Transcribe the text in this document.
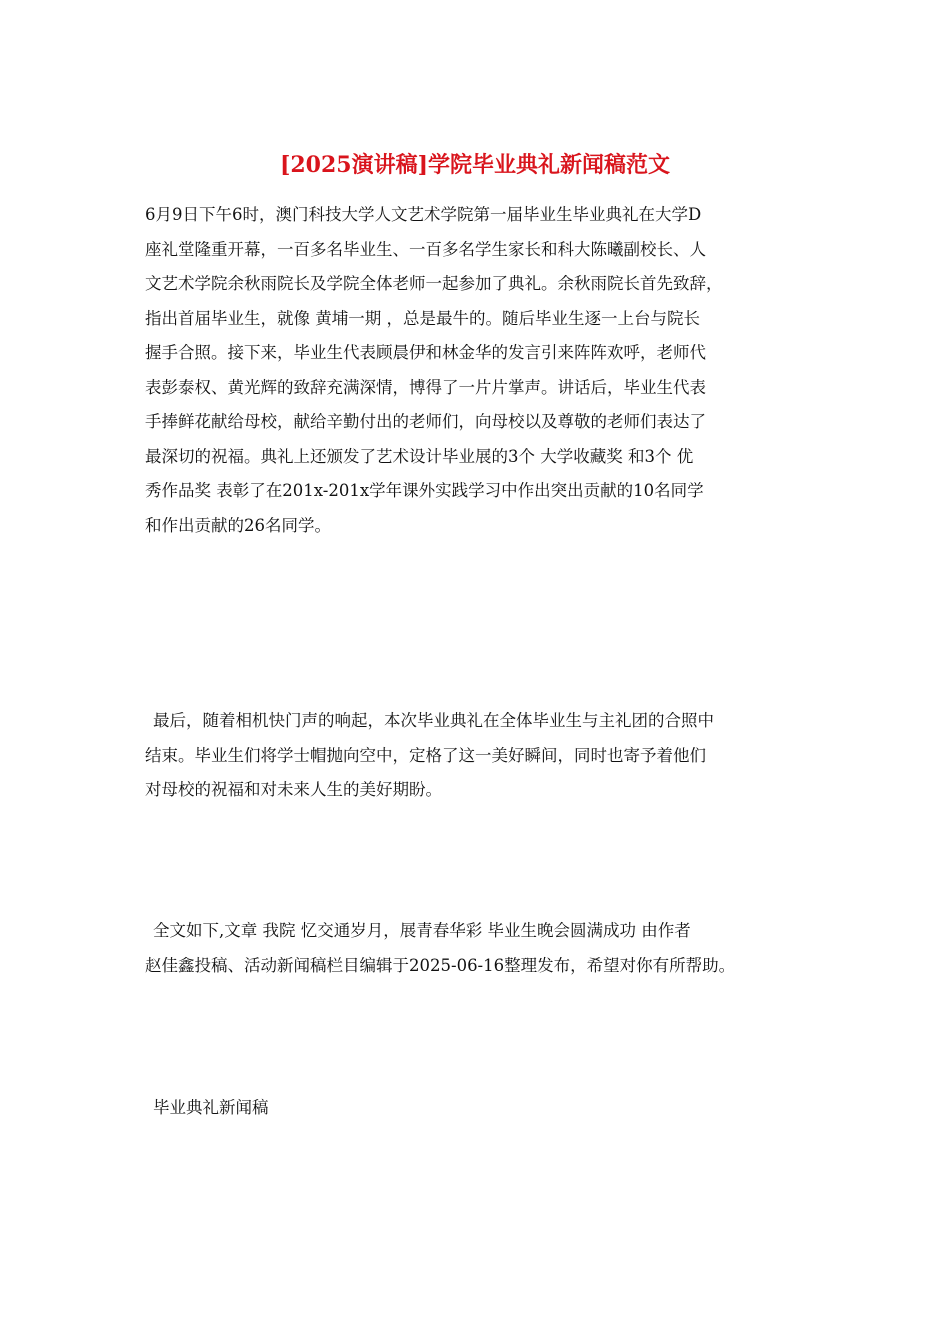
[2025演讲稿]学院毕业典礼新闻稿范文
6月9日下午6时，澳门科技大学人文艺术学院第一届毕业生毕业典礼在大学D
座礼堂隆重开幕，一百多名毕业生、一百多名学生家长和科大陈曦副校长、人
文艺术学院余秋雨院长及学院全体老师一起参加了典礼。余秋雨院长首先致辞，
指出首届毕业生，就像 黄埔一期 ，总是最牛的。随后毕业生逐一上台与院长
握手合照。接下来，毕业生代表顾晨伊和林金华的发言引来阵阵欢呼，老师代
表彭泰权、黄光辉的致辞充满深情，博得了一片片掌声。讲话后，毕业生代表
手捧鲜花献给母校，献给辛勤付出的老师们，向母校以及尊敬的老师们表达了
最深切的祝福。典礼上还颁发了艺术设计毕业展的3个 大学收藏奖 和3个 优
秀作品奖 表彰了在201x-201x学年课外实践学习中作出突出贡献的10名同学
和作出贡献的26名同学。
最后，随着相机快门声的响起，本次毕业典礼在全体毕业生与主礼团的合照中
结束。毕业生们将学士帽抛向空中，定格了这一美好瞬间，同时也寄予着他们
对母校的祝福和对未来人生的美好期盼。
全文如下,文章 我院 忆交通岁月，展青春华彩 毕业生晚会圆满成功 由作者
赵佳鑫投稿、活动新闻稿栏目编辑于2025-06-16整理发布，希望对你有所帮助。
毕业典礼新闻稿
